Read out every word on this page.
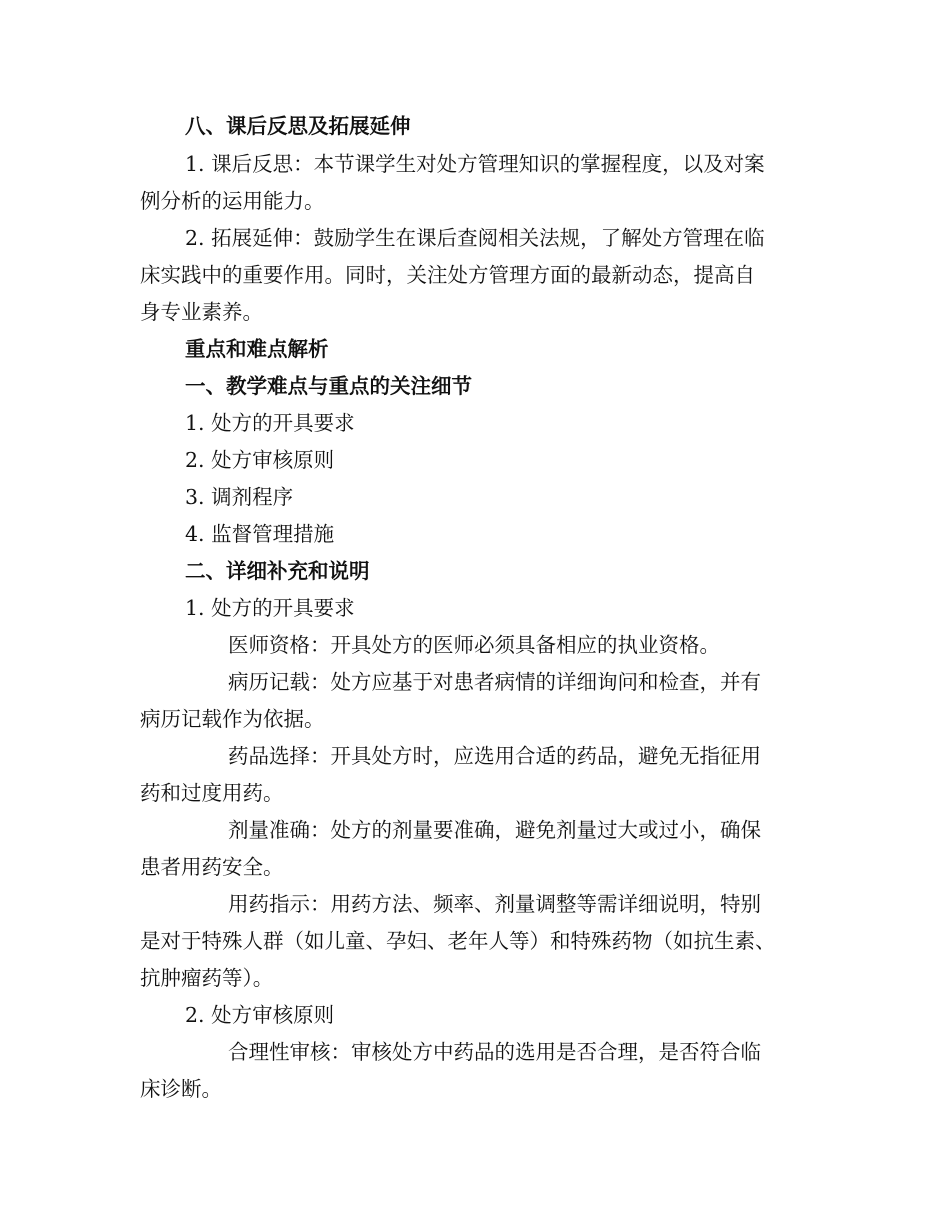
八、课后反思及拓展延伸
1. 课后反思：本节课学生对处方管理知识的掌握程度，以及对案
例分析的运用能力。
2. 拓展延伸：鼓励学生在课后查阅相关法规，了解处方管理在临
床实践中的重要作用。同时，关注处方管理方面的最新动态，提高自
身专业素养。
重点和难点解析
一、教学难点与重点的关注细节
1. 处方的开具要求
2. 处方审核原则
3. 调剂程序
4. 监督管理措施
二、详细补充和说明
1. 处方的开具要求
医师资格：开具处方的医师必须具备相应的执业资格。
病历记载：处方应基于对患者病情的详细询问和检查，并有
病历记载作为依据。
药品选择：开具处方时，应选用合适的药品，避免无指征用
药和过度用药。
剂量准确：处方的剂量要准确，避免剂量过大或过小，确保
患者用药安全。
用药指示：用药方法、频率、剂量调整等需详细说明，特别
是对于特殊人群（如儿童、孕妇、老年人等）和特殊药物（如抗生素、
抗肿瘤药等）。
2. 处方审核原则
合理性审核：审核处方中药品的选用是否合理，是否符合临
床诊断。
